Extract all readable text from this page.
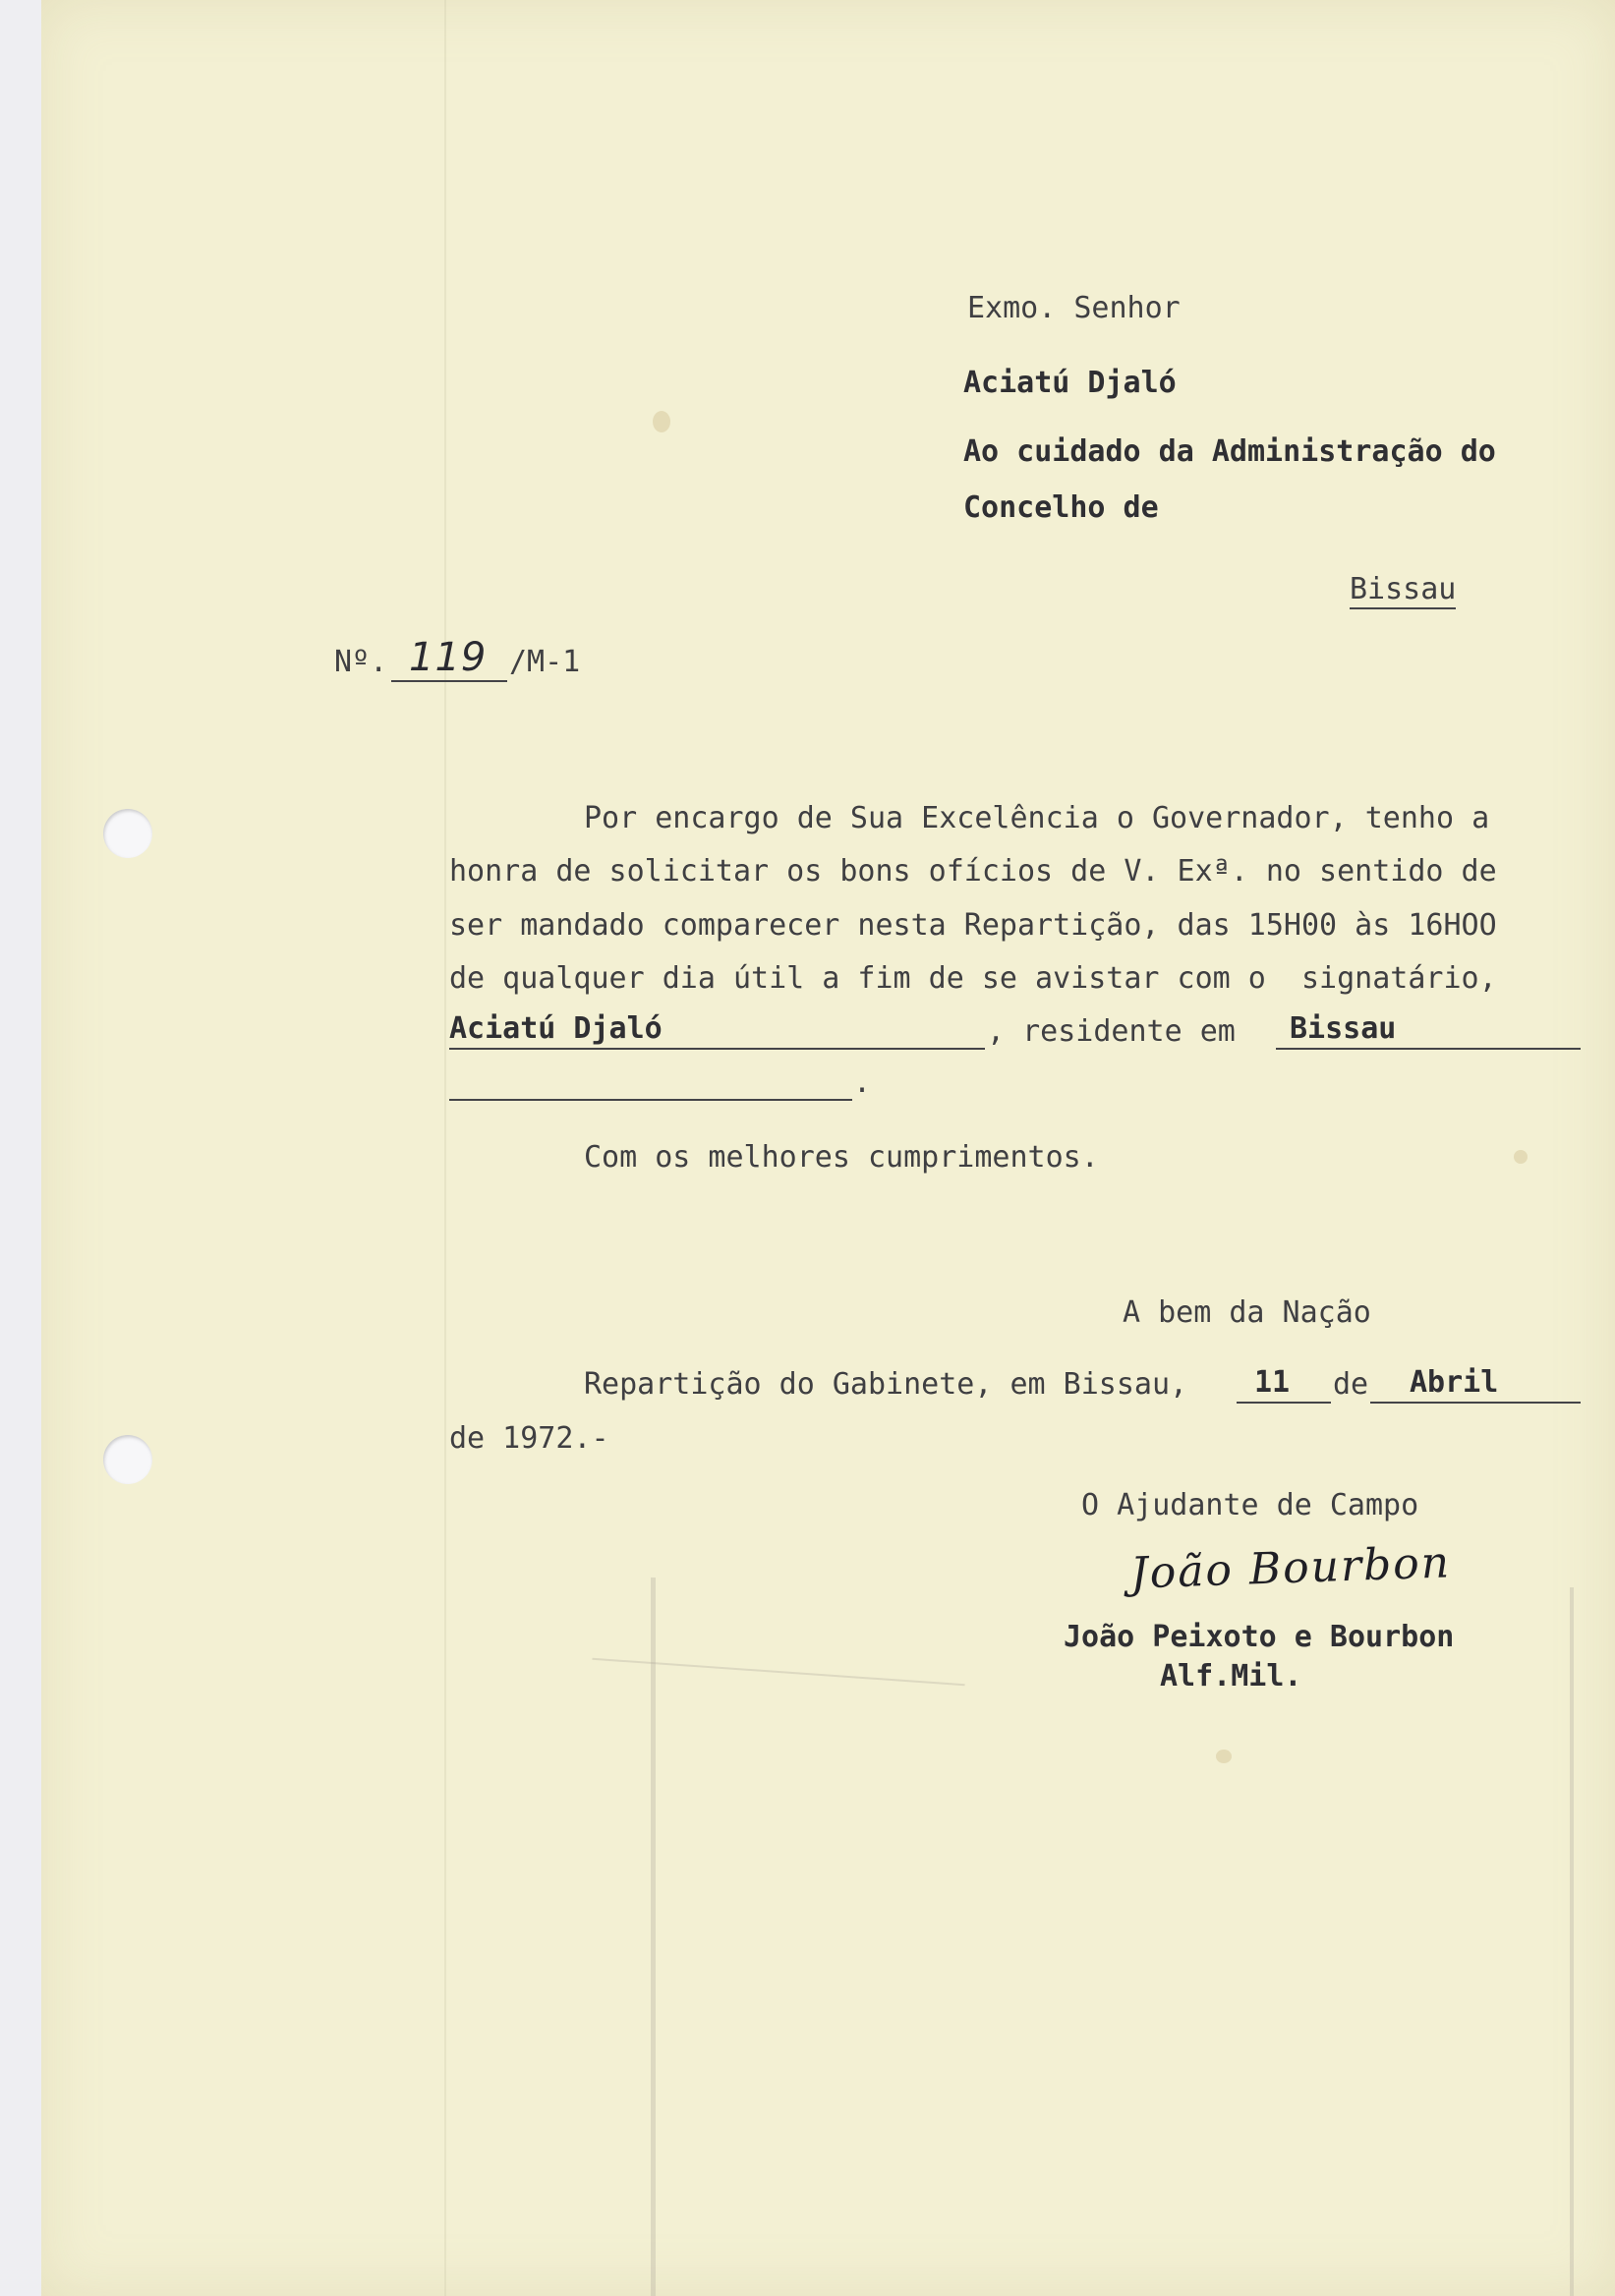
Exmo. Senhor
Aciatú Djaló
Ao cuidado da Administração do
Concelho de
Bissau
Nº. 119 /M-1
Por encargo de Sua Excelência o Governador, tenho a
honra de solicitar os bons ofícios de V. Exª. no sentido de
ser mandado comparecer nesta Repartição, das 15H00 às 16HOO
de qualquer dia útil a fim de se avistar com o  signatário,
Aciatú Djaló	, residente em Bissau
.
Com os melhores cumprimentos.
A bem da Nação
Repartição do Gabinete, em Bissau, 11 de Abril
de 1972.-
O Ajudante de Campo
João Bourbon
João Peixoto e Bourbon
Alf.Mil.
